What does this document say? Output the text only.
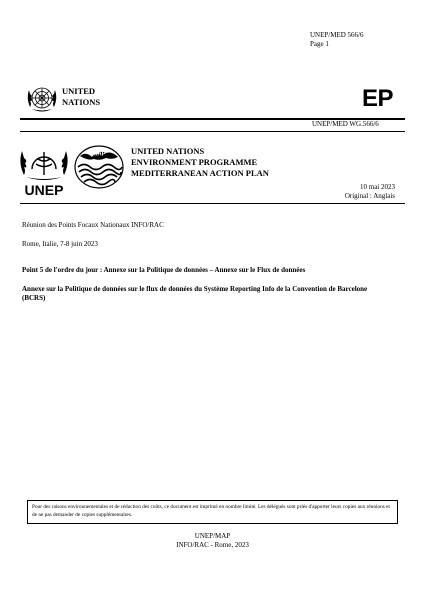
UNEP/MED 566/6
Page 1
UNITED
NATIONS	EP
UNEP/MED WG.566/6
UNEP
MAP	UNITED NATIONS
ENVIRONMENT PROGRAMME
MEDITERRANEAN ACTION PLAN
10 mai 2023
Original : Anglais
Réunion des Points Focaux Nationaux INFO/RAC
Rome, Italie, 7-8 juin 2023
Point 5 de l'ordre du jour : Annexe sur la Politique de données – Annexe sur le Flux de données
Annexe sur la Politique de données sur le flux de données du Système Reporting Info de la Convention de Barcelone (BCRS)
Pour des raisons environnementales et de réduction des coûts, ce document est imprimé en nombre limité. Les délégués sont priés d'apporter leurs copies aux réunions et de ne pas demander de copies supplémentaires.
UNEP/MAP
INFO/RAC - Rome, 2023
